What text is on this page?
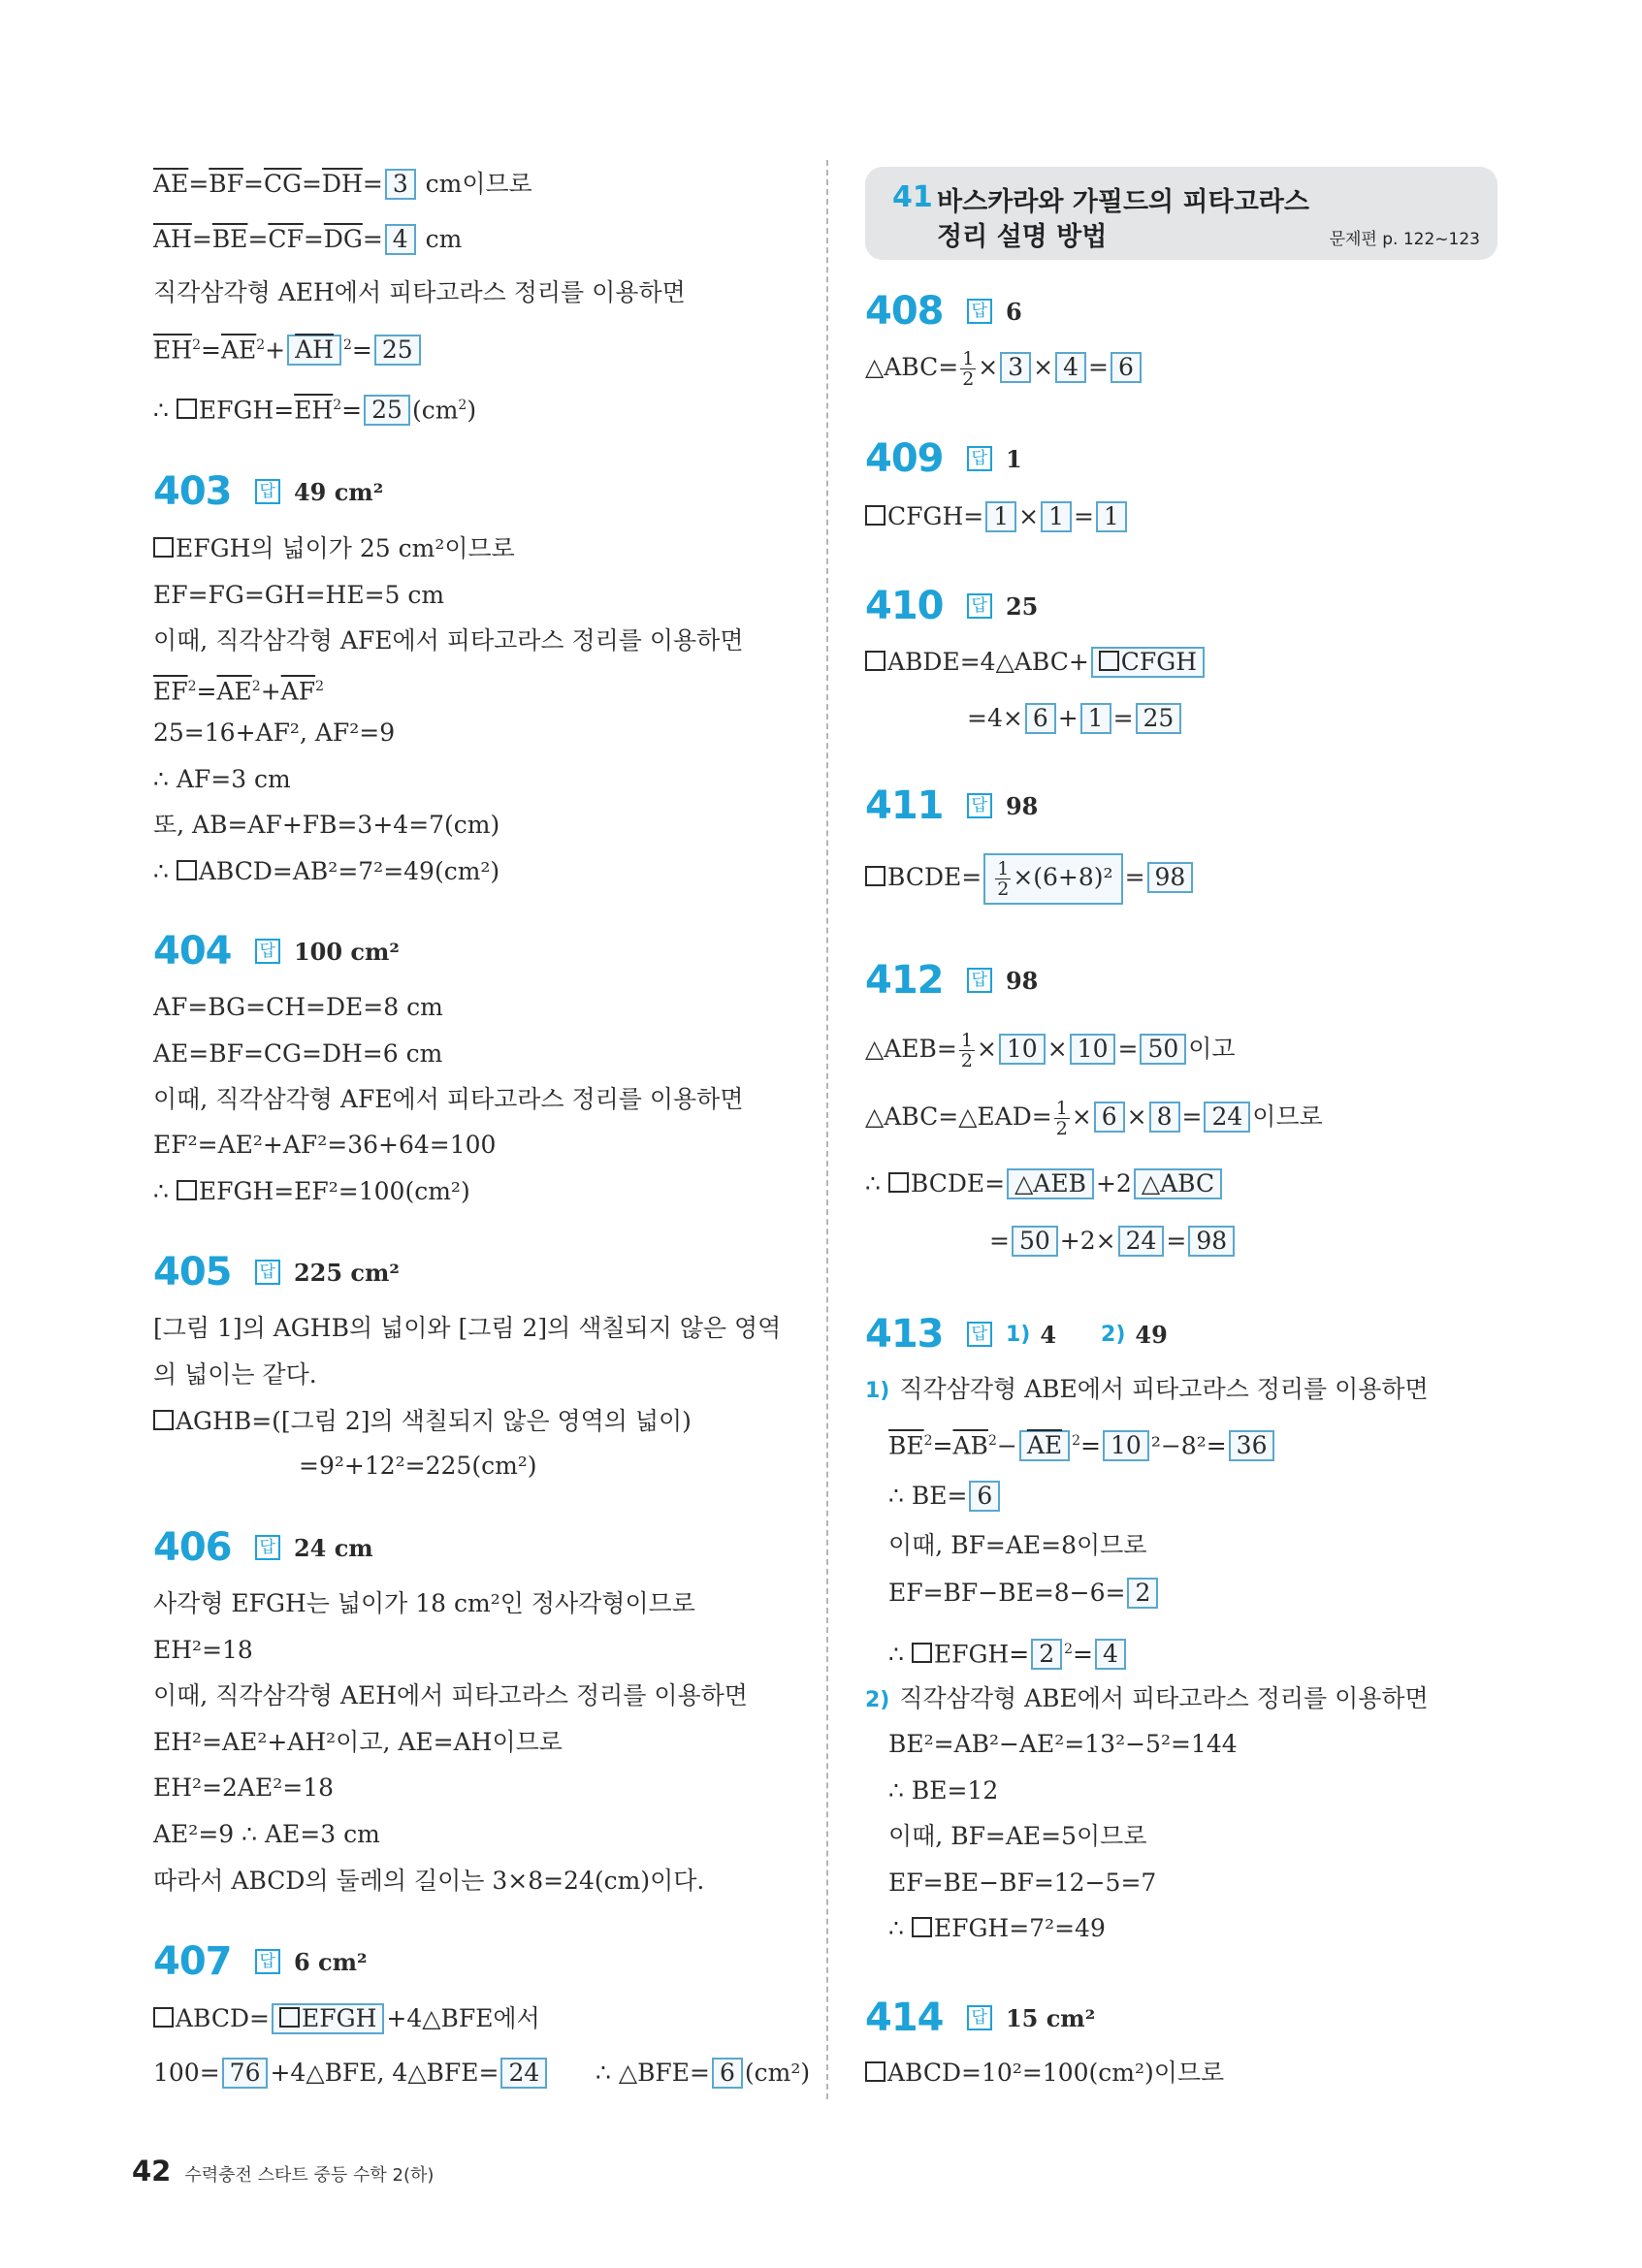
41 바스카라와 가필드의 피타고라스
정리 설명 방법	문제편 p. 122~123
$\overline{AE}=\overline{BF}=\overline{CG}=\overline{DH}= 3$ cm이므로
$\overline{AH}=\overline{BE}=\overline{CF}=\overline{DG}= 4$ cm
직각삼각형 AEH에서 피타고라스 정리를 이용하면
$\overline{EH}^2=\overline{AE}^2+ \overline{AH}$ $^2$= 25
∴ $EFGH=\overline{EH}^2= 25$ $(cm^2)$
403 답 49 cm²
EFGH의 넓이가 25 cm²이므로
EF=FG=GH=HE=5 cm
이때, 직각삼각형 AFE에서 피타고라스 정리를 이용하면
$\overline{EF}^2=\overline{AE}^2+\overline{AF}^2$
25=16+AF², AF²=9
∴ AF=3 cm
또, AB=AF+FB=3+4=7(cm)
∴ ABCD=AB²=7²=49(cm²)
404 답 100 cm²
AF=BG=CH=DE=8 cm
AE=BF=CG=DH=6 cm
이때, 직각삼각형 AFE에서 피타고라스 정리를 이용하면
EF²=AE²+AF²=36+64=100
∴ EFGH=EF²=100(cm²)
405 답 225 cm²
[그림 1]의 AGHB의 넓이와 [그림 2]의 색칠되지 않은 영역
의 넓이는 같다.
AGHB=([그림 2]의 색칠되지 않은 영역의 넓이)
=9²+12²=225(cm²)
406 답 24 cm
사각형 EFGH는 넓이가 18 cm²인 정사각형이므로
EH²=18
이때, 직각삼각형 AEH에서 피타고라스 정리를 이용하면
EH²=AE²+AH²이고, AE=AH이므로
EH²=2AE²=18
AE²=9 ∴ AE=3 cm
따라서 ABCD의 둘레의 길이는 3×8=24(cm)이다.
407 답 6 cm²
ABCD= EFGH +4△BFE에서
100= 76 +4△BFE, 4△BFE= 24 ∴ △BFE= 6 (cm²)
408 답 6
△ABC= $\frac{1}{2} \times 3 \times 4 = 6$
409 답 1
CFGH= 1 × 1 = 1
410 답 25
ABDE=4△ABC+ CFGH
=4× 6 + 1 = 25
411 답 98
BCDE= $\frac{1}{2} \times(6+8)^2 = 98$
412 답 98
△AEB= $\frac{1}{2} \times 10 \times 10 = 50$ 이고
△ABC=△EAD= $\frac{1}{2} \times 6 \times 8 = 24$ 이므로
∴ BCDE= △AEB +2 △ABC
= 50 +2× 24 = 98
413 답 1) 4 2) 49
1) 직각삼각형 ABE에서 피타고라스 정리를 이용하면
$\overline{BE}^2=\overline{AB}^2- \overline{AE}$ $^2$= 10 ²−8²= 36
∴ BE= 6
이때, BF=AE=8이므로
EF=BF−BE=8−6= 2
∴ EFGH= 2 $^2$= 4
2) 직각삼각형 ABE에서 피타고라스 정리를 이용하면
BE²=AB²−AE²=13²−5²=144
∴ BE=12
이때, BF=AE=5이므로
EF=BE−BF=12−5=7
∴ EFGH=7²=49
414 답 15 cm²
ABCD=10²=100(cm²)이므로
42 수력충전 스타트 중등 수학 2(하)
